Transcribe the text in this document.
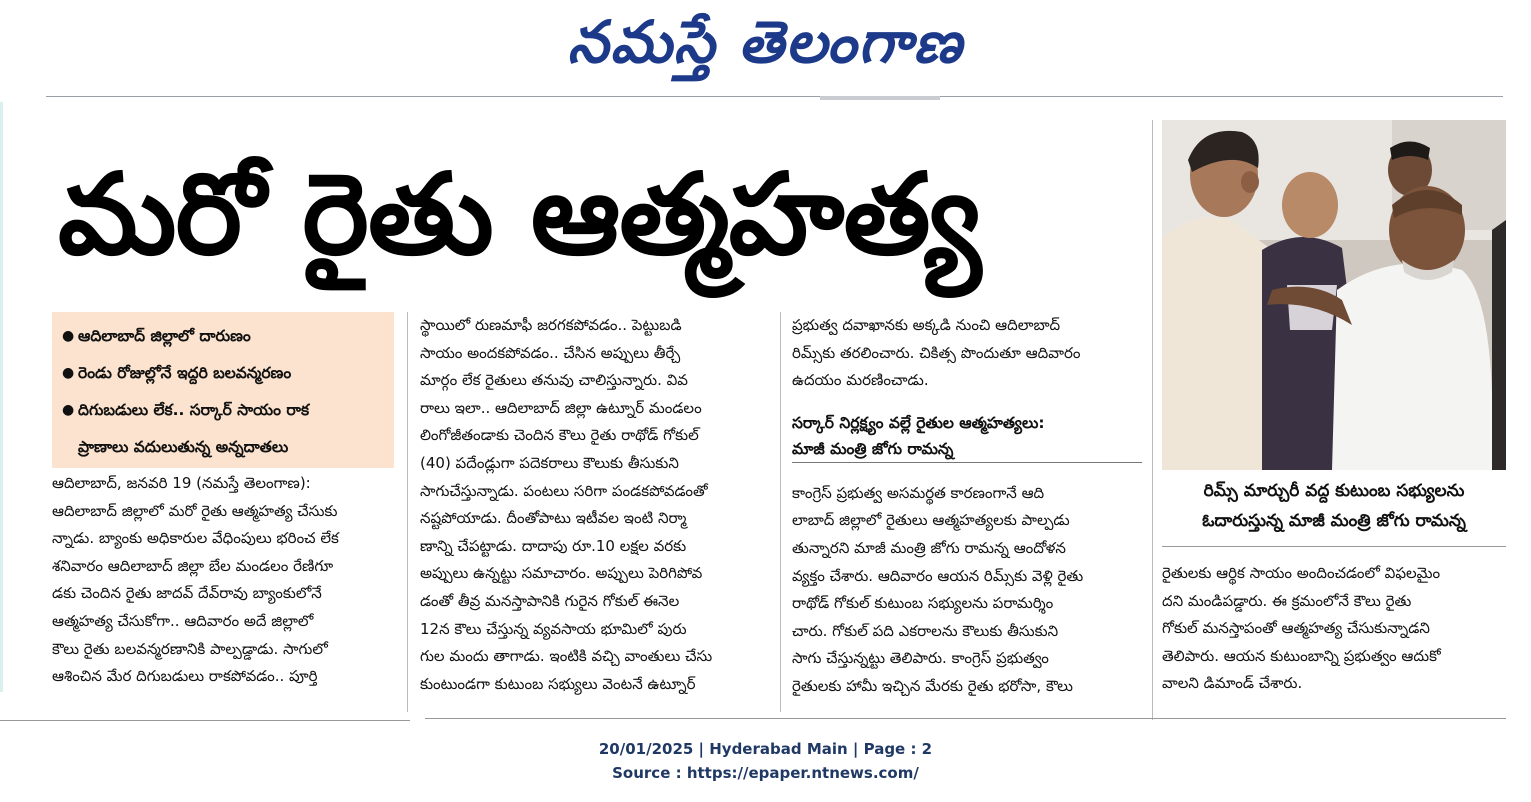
నమస్తే తెలంగాణ
మరో రైతు ఆత్మహత్య
రిమ్స్ మార్చురీ వద్ద కుటుంబ సభ్యులను
ఓదారుస్తున్న మాజీ మంత్రి జోగు రామన్న
● ఆదిలాబాద్ జిల్లాలో దారుణం
● రెండు రోజుల్లోనే ఇద్దరి బలవన్మరణం
● దిగుబడులు లేక.. సర్కార్ సాయం రాక
ప్రాణాలు వదులుతున్న అన్నదాతలు
ఆదిలాబాద్, జనవరి 19 (నమస్తే తెలంగాణ):
ఆదిలాబాద్ జిల్లాలో మరో రైతు ఆత్మహత్య చేసుకు
న్నాడు. బ్యాంకు అధికారుల వేధింపులు భరించ లేక
శనివారం ఆదిలాబాద్ జిల్లా బేల మండలం రేణిగూ
డకు చెందిన రైతు జాదవ్ దేవ్‌రావు బ్యాంకులోనే
ఆత్మహత్య చేసుకోగా.. ఆదివారం అదే జిల్లాలో
కౌలు రైతు బలవన్మరణానికి పాల్పడ్డాడు. సాగులో
ఆశించిన మేర దిగుబడులు రాకపోవడం.. పూర్తి
స్థాయిలో రుణమాఫీ జరగకపోవడం.. పెట్టుబడి
సాయం అందకపోవడం.. చేసిన అప్పులు తీర్చే
మార్గం లేక రైతులు తనువు చాలిస్తున్నారు. వివ
రాలు ఇలా.. ఆదిలాబాద్ జిల్లా ఉట్నూర్ మండలం
లింగోజీతండాకు చెందిన కౌలు రైతు రాథోడ్ గోకుల్
(40) పదేండ్లుగా పదెకరాలు కౌలుకు తీసుకుని
సాగుచేస్తున్నాడు. పంటలు సరిగా పండకపోవడంతో
నష్టపోయాడు. దీంతోపాటు ఇటీవల ఇంటి నిర్మా
ణాన్ని చేపట్టాడు. దాదాపు రూ.10 లక్షల వరకు
అప్పులు ఉన్నట్టు సమాచారం. అప్పులు పెరిగిపోవ
డంతో తీవ్ర మనస్తాపానికి గురైన గోకుల్ ఈనెల
12న కౌలు చేస్తున్న వ్యవసాయ భూమిలో పురు
గుల మందు తాగాడు. ఇంటికి వచ్చి వాంతులు చేసు
కుంటుండగా కుటుంబ సభ్యులు వెంటనే ఉట్నూర్
ప్రభుత్వ దవాఖానకు అక్కడి నుంచి ఆదిలాబాద్
రిమ్స్‌కు తరలించారు. చికిత్స పొందుతూ ఆదివారం
ఉదయం మరణించాడు.
కాంగ్రెస్ ప్రభుత్వ అసమర్థత కారణంగానే ఆది
లాబాద్ జిల్లాలో రైతులు ఆత్మహత్యలకు పాల్పడు
తున్నారని మాజీ మంత్రి జోగు రామన్న ఆందోళన
వ్యక్తం చేశారు. ఆదివారం ఆయన రిమ్స్‌కు వెళ్లి రైతు
రాథోడ్ గోకుల్ కుటుంబ సభ్యులను పరామర్శిం
చారు. గోకుల్ పది ఎకరాలను కౌలుకు తీసుకుని
సాగు చేస్తున్నట్టు తెలిపారు. కాంగ్రెస్ ప్రభుత్వం
రైతులకు హామీ ఇచ్చిన మేరకు రైతు భరోసా, కౌలు
సర్కార్ నిర్లక్ష్యం వల్లే రైతుల ఆత్మహత్యలు:
మాజీ మంత్రి జోగు రామన్న
రైతులకు ఆర్థిక సాయం అందించడంలో విఫలమైం
దని మండిపడ్డారు. ఈ క్రమంలోనే కౌలు రైతు
గోకుల్ మనస్తాపంతో ఆత్మహత్య చేసుకున్నాడని
తెలిపారు. ఆయన కుటుంబాన్ని ప్రభుత్వం ఆదుకో
వాలని డిమాండ్ చేశారు.
20/01/2025 | Hyderabad Main | Page : 2
Source : https://epaper.ntnews.com/
